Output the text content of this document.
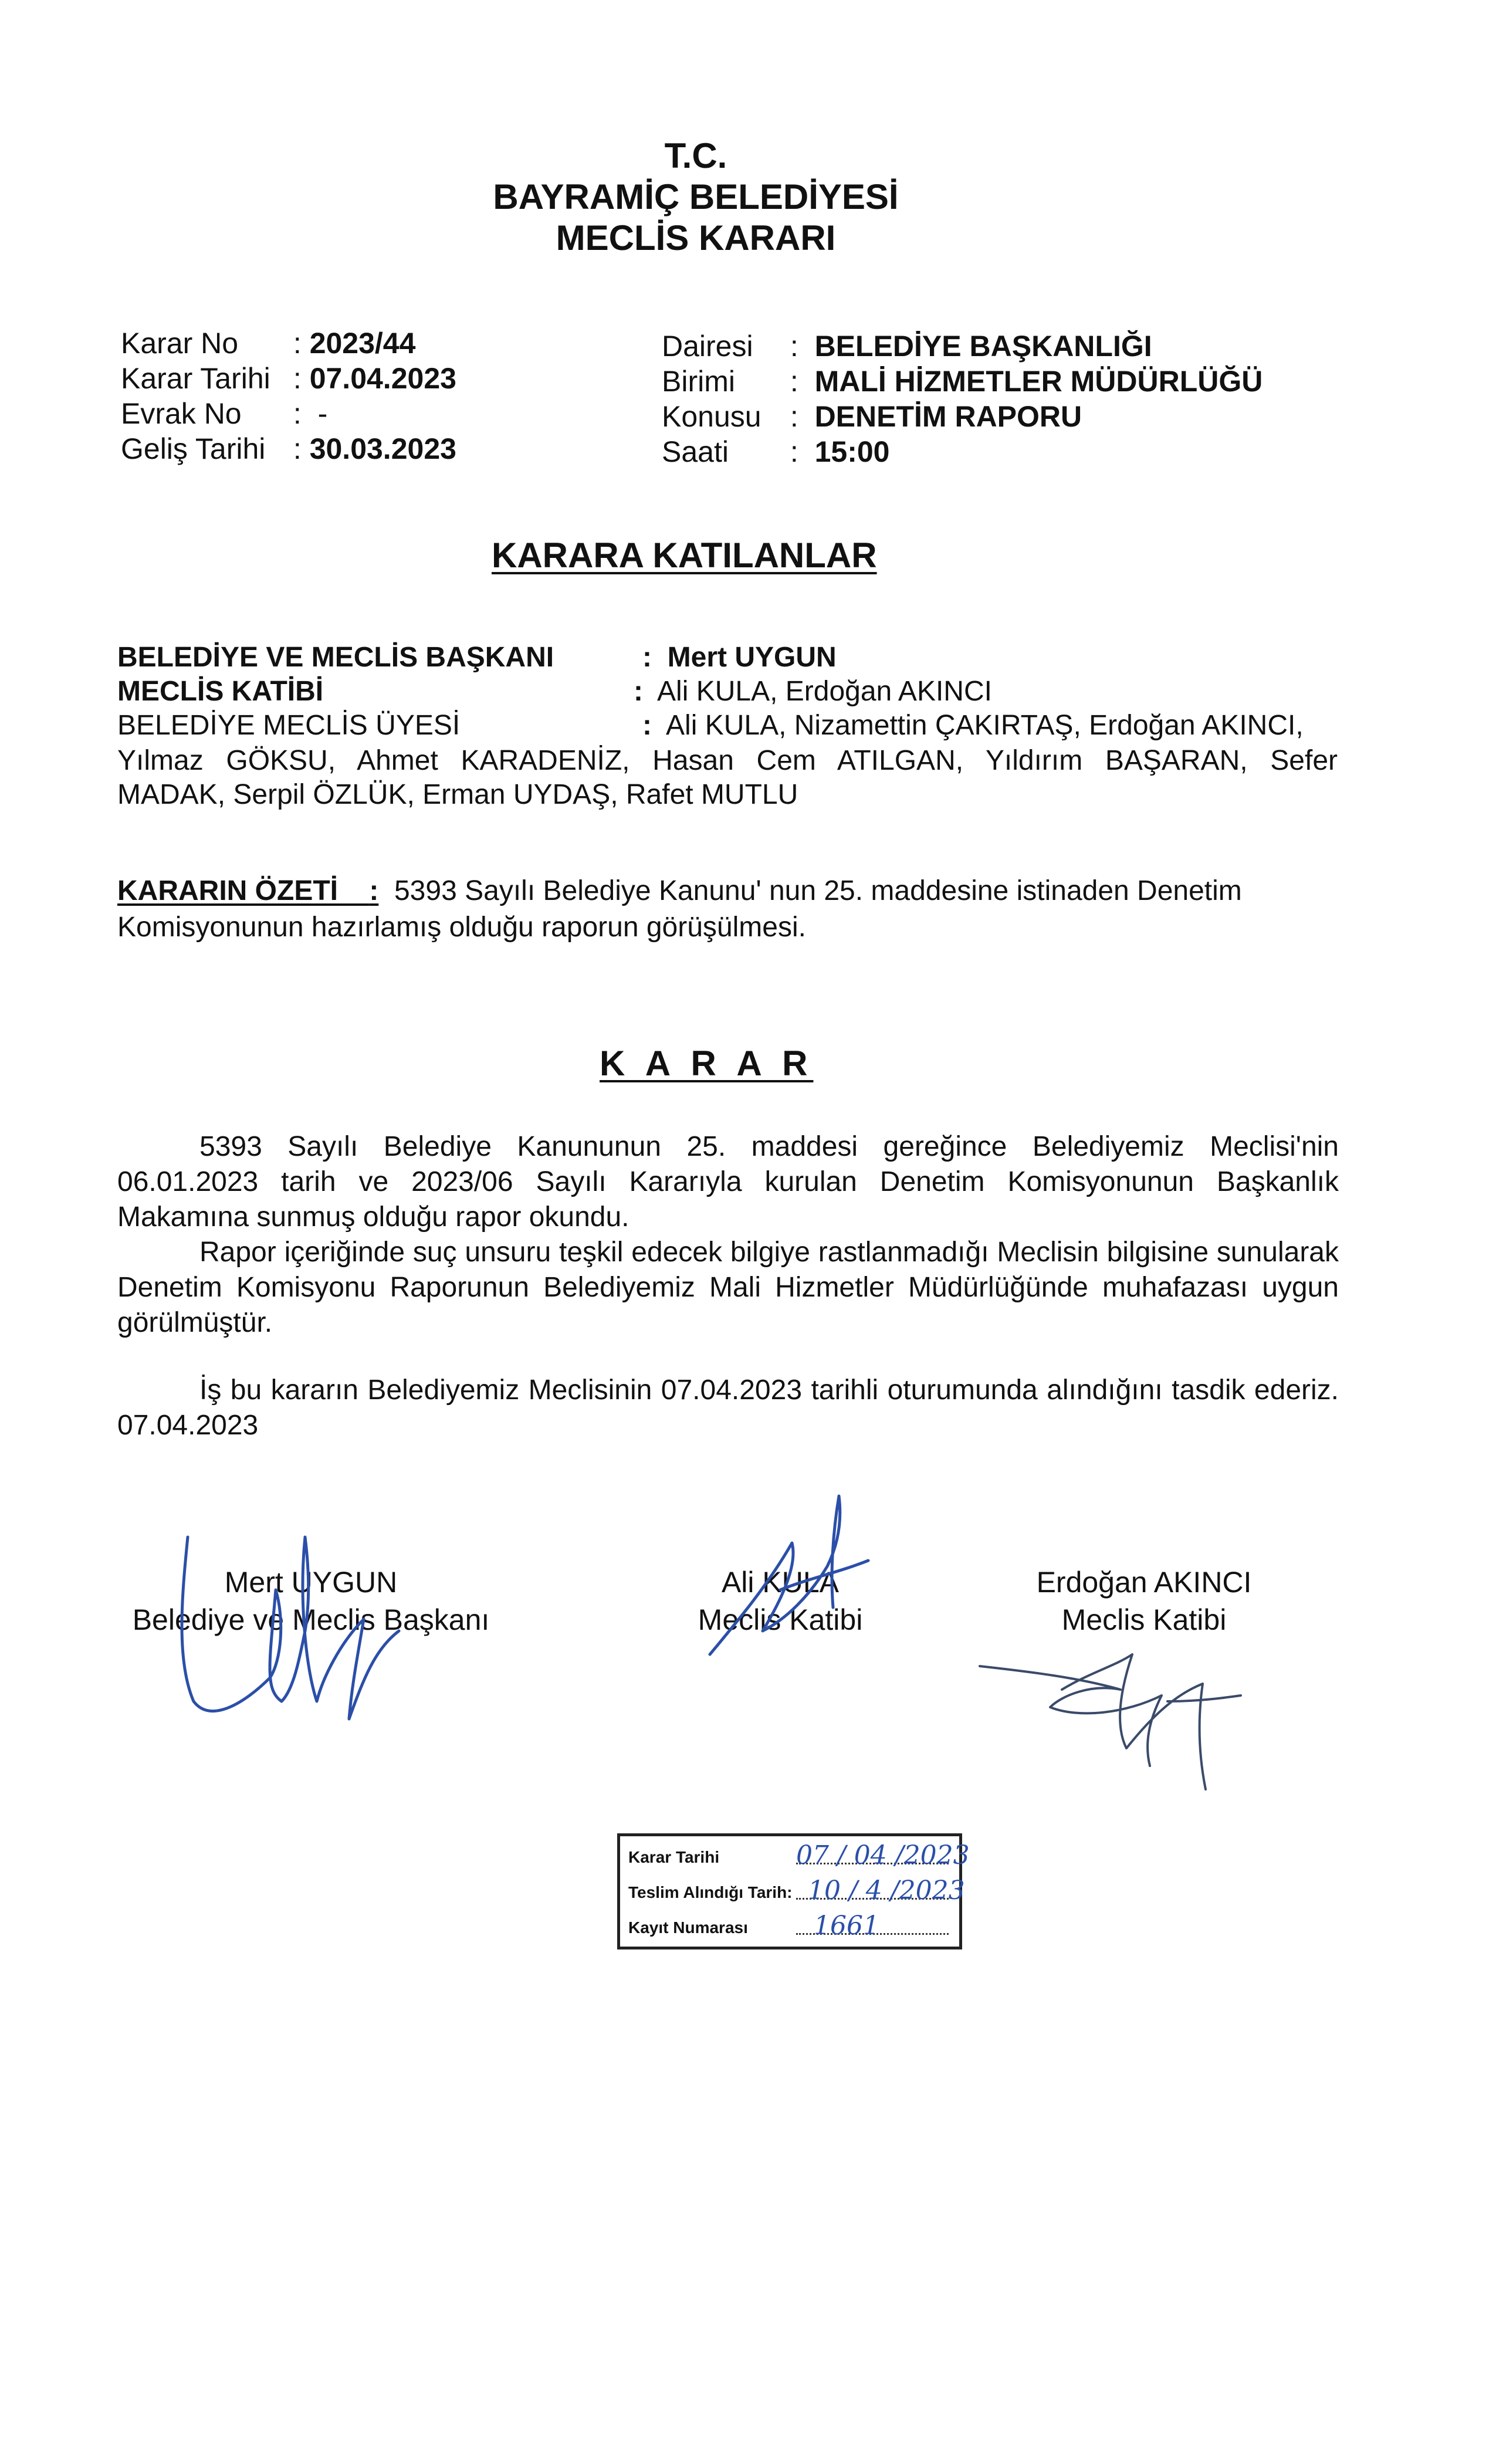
T.C.
BAYRAMİÇ BELEDİYESİ
MECLİS KARARI
Karar No : 2023/44
Karar Tarihi : 07.04.2023
Evrak No :  -
Geliş Tarihi : 30.03.2023
Dairesi :  BELEDİYE BAŞKANLIĞI
Birimi :  MALİ HİZMETLER MÜDÜRLÜĞÜ
Konusu :  DENETİM RAPORU
Saati :  15:00
KARARA KATILANLAR
BELEDİYE VE MECLİS BAŞKANI	:  Mert UYGUN
MECLİS KATİBİ	: Ali KULA, Erdoğan AKINCI
BELEDİYE MECLİS ÜYESİ	: Ali KULA, Nizamettin ÇAKIRTAŞ, Erdoğan AKINCI,
Yılmaz GÖKSU, Ahmet KARADENİZ, Hasan Cem ATILGAN, Yıldırım BAŞARAN, Sefer
MADAK, Serpil ÖZLÜK, Erman UYDAŞ, Rafet MUTLU
KARARIN ÖZETİ : 5393 Sayılı Belediye Kanunu' nun 25. maddesine istinaden Denetim
Komisyonunun hazırlamış olduğu raporun görüşülmesi.
K A R A R
5393 Sayılı Belediye Kanununun 25. maddesi gereğince Belediyemiz Meclisi'nin 06.01.2023 tarih ve 2023/06 Sayılı Kararıyla kurulan Denetim Komisyonunun Başkanlık Makamına sunmuş olduğu rapor okundu.
Rapor içeriğinde suç unsuru teşkil edecek bilgiye rastlanmadığı Meclisin bilgisine sunularak Denetim Komisyonu Raporunun Belediyemiz Mali Hizmetler Müdürlüğünde muhafazası uygun görülmüştür.
İş bu kararın Belediyemiz Meclisinin 07.04.2023 tarihli oturumunda alındığını tasdik ederiz. 07.04.2023
Mert UYGUN
Belediye ve Meclis Başkanı
Ali KULA
Meclis Katibi
Erdoğan AKINCI
Meclis Katibi
Karar Tarihi	07 / 04 /2023
Teslim Alındığı Tarih: 10 / 4 /2023
Kayıt Numarası	1661
